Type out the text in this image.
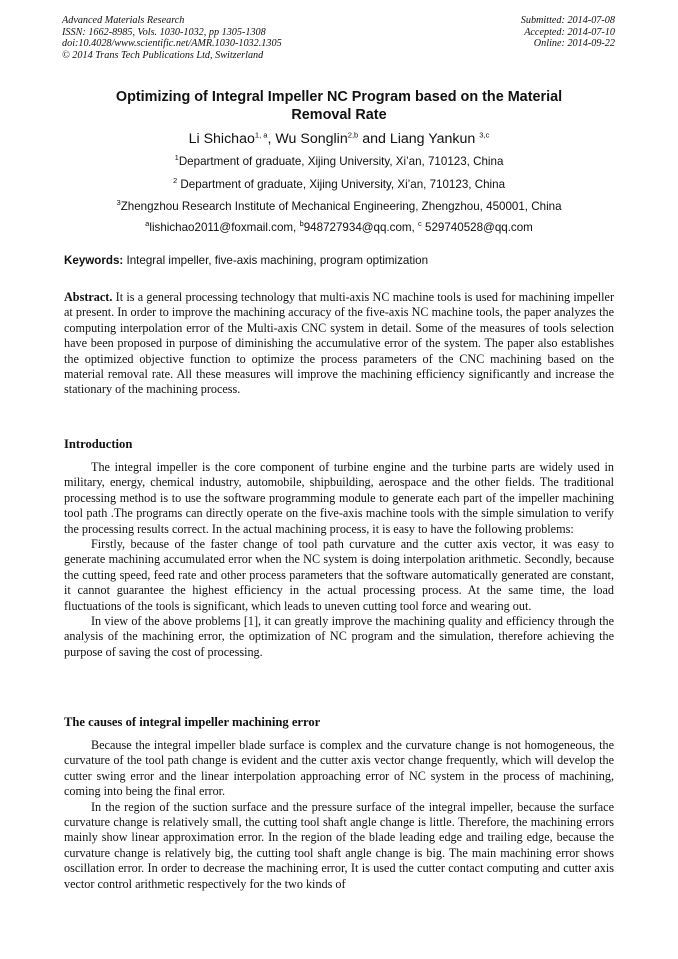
Advanced Materials Research
ISSN: 1662-8985, Vols. 1030-1032, pp 1305-1308
doi:10.4028/www.scientific.net/AMR.1030-1032.1305
© 2014 Trans Tech Publications Ltd, Switzerland
Submitted: 2014-07-08
Accepted: 2014-07-10
Online: 2014-09-22
Optimizing of Integral Impeller NC Program based on the Material
Removal Rate
Li Shichao$^{1, a}$, Wu Songlin$^{2,b}$ and Liang Yankun $^{3,c}$
$^1$Department of graduate, Xijing University, Xi’an, 710123, China
$^2$ Department of graduate, Xijing University, Xi’an, 710123, China
$^3$Zhengzhou Research Institute of Mechanical Engineering, Zhengzhou, 450001, China
$^a$lishichao2011@foxmail.com, $^b$948727934@qq.com, $^c$ 529740528@qq.com
Keywords: Integral impeller, five-axis machining, program optimization

Abstract. It is a general processing technology that multi-axis NC machine tools is used for machining impeller at present. In order to improve the machining accuracy of the five-axis NC machine tools, the paper analyzes the computing interpolation error of the Multi-axis CNC system in detail. Some of the measures of tools selection have been proposed in purpose of diminishing the accumulative error of the system. The paper also establishes the optimized objective function to optimize the process parameters of the CNC machining based on the material removal rate. All these measures will improve the machining efficiency significantly and increase the stationary of the machining process.

Introduction

The integral impeller is the core component of turbine engine and the turbine parts are widely used in military, energy, chemical industry, automobile, shipbuilding, aerospace and the other fields. The traditional processing method is to use the software programming module to generate each part of the impeller machining tool path .The programs can directly operate on the five-axis machine tools with the simple simulation to verify the processing results correct. In the actual machining process, it is easy to have the following problems:

Firstly, because of the faster change of tool path curvature and the cutter axis vector, it was easy to generate machining accumulated error when the NC system is doing interpolation arithmetic. Secondly, because the cutting speed, feed rate and other process parameters that the software automatically generated are constant, it cannot guarantee the highest efficiency in the actual processing process. At the same time, the load fluctuations of the tools is significant, which leads to uneven cutting tool force and wearing out.

In view of the above problems [1], it can greatly improve the machining quality and efficiency through the analysis of the machining error, the optimization of NC program and the simulation, therefore achieving the purpose of saving the cost of processing.

The causes of integral impeller machining error

Because the integral impeller blade surface is complex and the curvature change is not homogeneous, the curvature of the tool path change is evident and the cutter axis vector change frequently, which will develop the cutter swing error and the linear interpolation approaching error of NC system in the process of machining, coming into being the final error.

In the region of the suction surface and the pressure surface of the integral impeller, because the surface curvature change is relatively small, the cutting tool shaft angle change is little. Therefore, the machining errors mainly show linear approximation error. In the region of the blade leading edge and trailing edge, because the curvature change is relatively big, the cutting tool shaft angle change is big. The main machining error shows oscillation error. In order to decrease the machining error, It is used the cutter contact computing and cutter axis vector control arithmetic respectively for the two kinds of
